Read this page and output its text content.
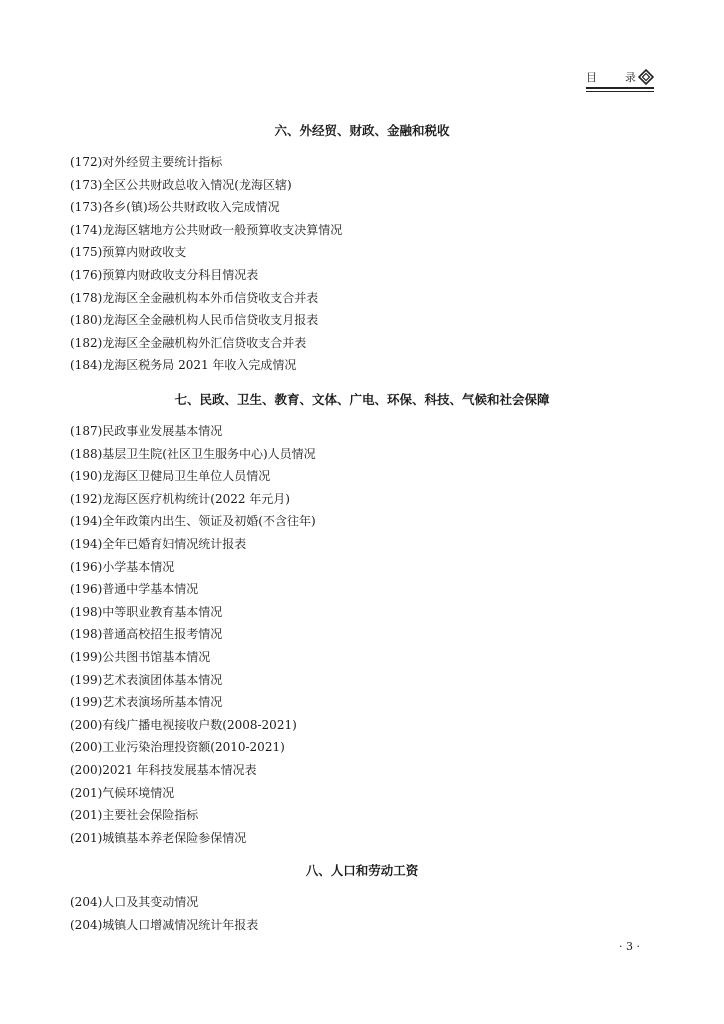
目	录
六、外经贸、财政、金融和税收
(172)对外经贸主要统计指标
(173)全区公共财政总收入情况(龙海区辖)
(173)各乡(镇)场公共财政收入完成情况
(174)龙海区辖地方公共财政一般预算收支决算情况
(175)预算内财政收支
(176)预算内财政收支分科目情况表
(178)龙海区全金融机构本外币信贷收支合并表
(180)龙海区全金融机构人民币信贷收支月报表
(182)龙海区全金融机构外汇信贷收支合并表
(184)龙海区税务局 2021 年收入完成情况
七、民政、卫生、教育、文体、广电、环保、科技、气候和社会保障
(187)民政事业发展基本情况
(188)基层卫生院(社区卫生服务中心)人员情况
(190)龙海区卫健局卫生单位人员情况
(192)龙海区医疗机构统计(2022 年元月)
(194)全年政策内出生、领证及初婚(不含往年)
(194)全年已婚育妇情况统计报表
(196)小学基本情况
(196)普通中学基本情况
(198)中等职业教育基本情况
(198)普通高校招生报考情况
(199)公共图书馆基本情况
(199)艺术表演团体基本情况
(199)艺术表演场所基本情况
(200)有线广播电视接收户数(2008-2021)
(200)工业污染治理投资额(2010-2021)
(200)2021 年科技发展基本情况表
(201)气候环境情况
(201)主要社会保险指标
(201)城镇基本养老保险参保情况
八、人口和劳动工资
(204)人口及其变动情况
(204)城镇人口增减情况统计年报表
· 3 ·
